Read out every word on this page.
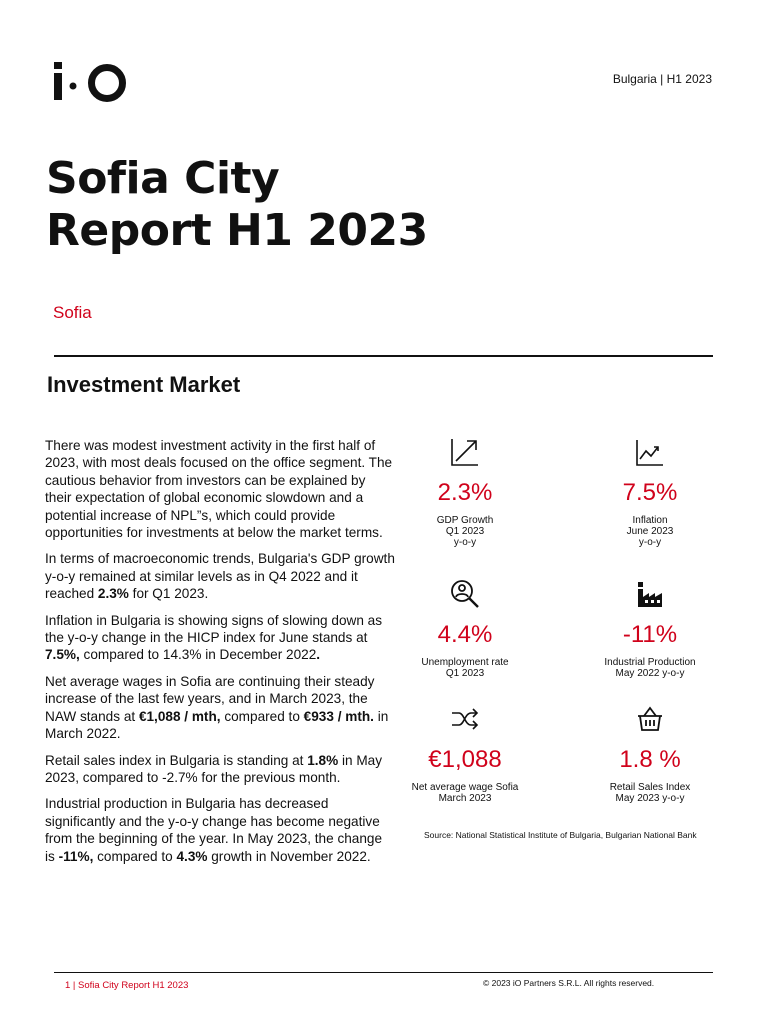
Bulgaria | H1 2023
Sofia City
Report H1 2023
Sofia
Investment Market

There was modest investment activity in the first half of 2023, with most deals focused on the office segment. The cautious behavior from investors can be explained by their expectation of global economic slowdown and a potential increase of NPL”s, which could provide opportunities for investments at below the market terms.

In terms of macroeconomic trends, Bulgaria's GDP growth y-o-y remained at similar levels as in Q4 2022 and it reached 2.3% for Q1 2023.

Inflation in Bulgaria is showing signs of slowing down as the y-o-y change in the HICP index for June stands at 7.5%, compared to 14.3% in December 2022.

Net average wages in Sofia are continuing their steady increase of the last few years, and in March 2023, the NAW stands at €1,088 / mth, compared to €933 / mth. in March 2022.

Retail sales index in Bulgaria is standing at 1.8% in May 2023, compared to -2.7% for the previous month.

Industrial production in Bulgaria has decreased significantly and the y-o-y change has become negative from the beginning of the year. In May 2023, the change is -11%, compared to 4.3% growth in November 2022.

2.3%
GDP Growth
Q1 2023
y-o-y
7.5%
Inflation
June 2023
y-o-y
4.4%
Unemployment rate
Q1 2023
-11%
Industrial Production
May 2022 y-o-y
€1,088
Net average wage Sofia
March 2023
1.8 %
Retail Sales Index
May 2023 y-o-y
Source: National Statistical Institute of Bulgaria, Bulgarian National Bank
1 | Sofia City Report H1 2023	© 2023 iO Partners S.R.L. All rights reserved.
